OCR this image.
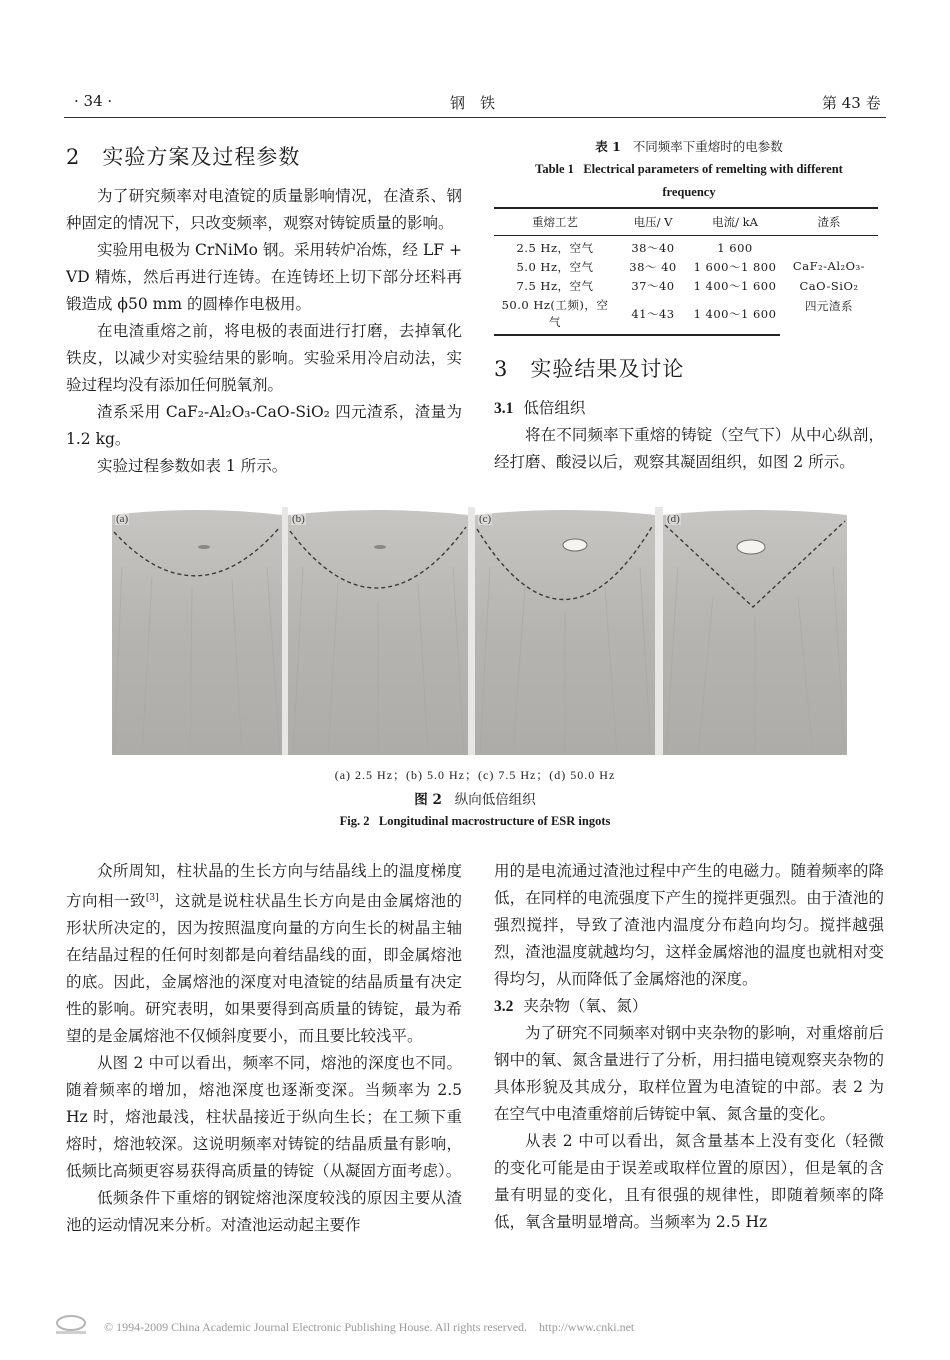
· 34 ·	钢　铁	第 43 卷
2　实验方案及过程参数

为了研究频率对电渣锭的质量影响情况，在渣系、钢种固定的情况下，只改变频率，观察对铸锭质量的影响。

实验用电极为 CrNiMo 钢。采用转炉冶炼，经 LF + VD 精炼，然后再进行连铸。在连铸坯上切下部分坯料再锻造成 ϕ50 mm 的圆棒作电极用。

在电渣重熔之前，将电极的表面进行打磨，去掉氧化铁皮，以减少对实验结果的影响。实验采用冷启动法，实验过程均没有添加任何脱氧剂。

渣系采用 CaF₂-Al₂O₃-CaO-SiO₂ 四元渣系，渣量为 1.2 kg。

实验过程参数如表 1 所示。

表 1 不同频率下重熔时的电参数
Table 1 Electrical parameters of remelting with different frequency
重熔工艺	电压/ V	电流/ kA	渣系
2.5 Hz，空气	38～40	1 600	CaF₂-Al₂O₃-
CaO-SiO₂
四元渣系

5.0 Hz，空气	38～ 40	1 600～1 800	
7.5 Hz，空气	37～40	1 400～1 600	
50.0 Hz(工频)，空气	41～43	1 400～1 600	
3　实验结果及讨论
3.1 低倍组织

将在不同频率下重熔的铸锭（空气下）从中心纵剖，经打磨、酸浸以后，观察其凝固组织，如图 2 所示。

(a)	(b)	(c)	(d)
(a) 2.5 Hz；(b) 5.0 Hz；(c) 7.5 Hz；(d) 50.0 Hz
图 2 纵向低倍组织
Fig. 2 Longitudinal macrostructure of ESR ingots

众所周知，柱状晶的生长方向与结晶线上的温度梯度方向相一致[3]，这就是说柱状晶生长方向是由金属熔池的形状所决定的，因为按照温度向量的方向生长的树晶主轴在结晶过程的任何时刻都是向着结晶线的面，即金属熔池的底。因此，金属熔池的深度对电渣锭的结晶质量有决定性的影响。研究表明，如果要得到高质量的铸锭，最为希望的是金属熔池不仅倾斜度要小，而且要比较浅平。

从图 2 中可以看出，频率不同，熔池的深度也不同。随着频率的增加，熔池深度也逐渐变深。当频率为 2.5 Hz 时，熔池最浅，柱状晶接近于纵向生长；在工频下重熔时，熔池较深。这说明频率对铸锭的结晶质量有影响，低频比高频更容易获得高质量的铸锭（从凝固方面考虑）。

低频条件下重熔的钢锭熔池深度较浅的原因主要从渣池的运动情况来分析。对渣池运动起主要作

用的是电流通过渣池过程中产生的电磁力。随着频率的降低，在同样的电流强度下产生的搅拌更强烈。由于渣池的强烈搅拌，导致了渣池内温度分布趋向均匀。搅拌越强烈，渣池温度就越均匀，这样金属熔池的温度也就相对变得均匀，从而降低了金属熔池的深度。

3.2 夹杂物（氧、氮）

为了研究不同频率对钢中夹杂物的影响，对重熔前后钢中的氧、氮含量进行了分析，用扫描电镜观察夹杂物的具体形貌及其成分，取样位置为电渣锭的中部。表 2 为在空气中电渣重熔前后铸锭中氧、氮含量的变化。

从表 2 中可以看出，氮含量基本上没有变化（轻微的变化可能是由于误差或取样位置的原因），但是氧的含量有明显的变化，且有很强的规律性，即随着频率的降低，氧含量明显增高。当频率为 2.5 Hz

© 1994-2009 China Academic Journal Electronic Publishing House. All rights reserved. http://www.cnki.net
